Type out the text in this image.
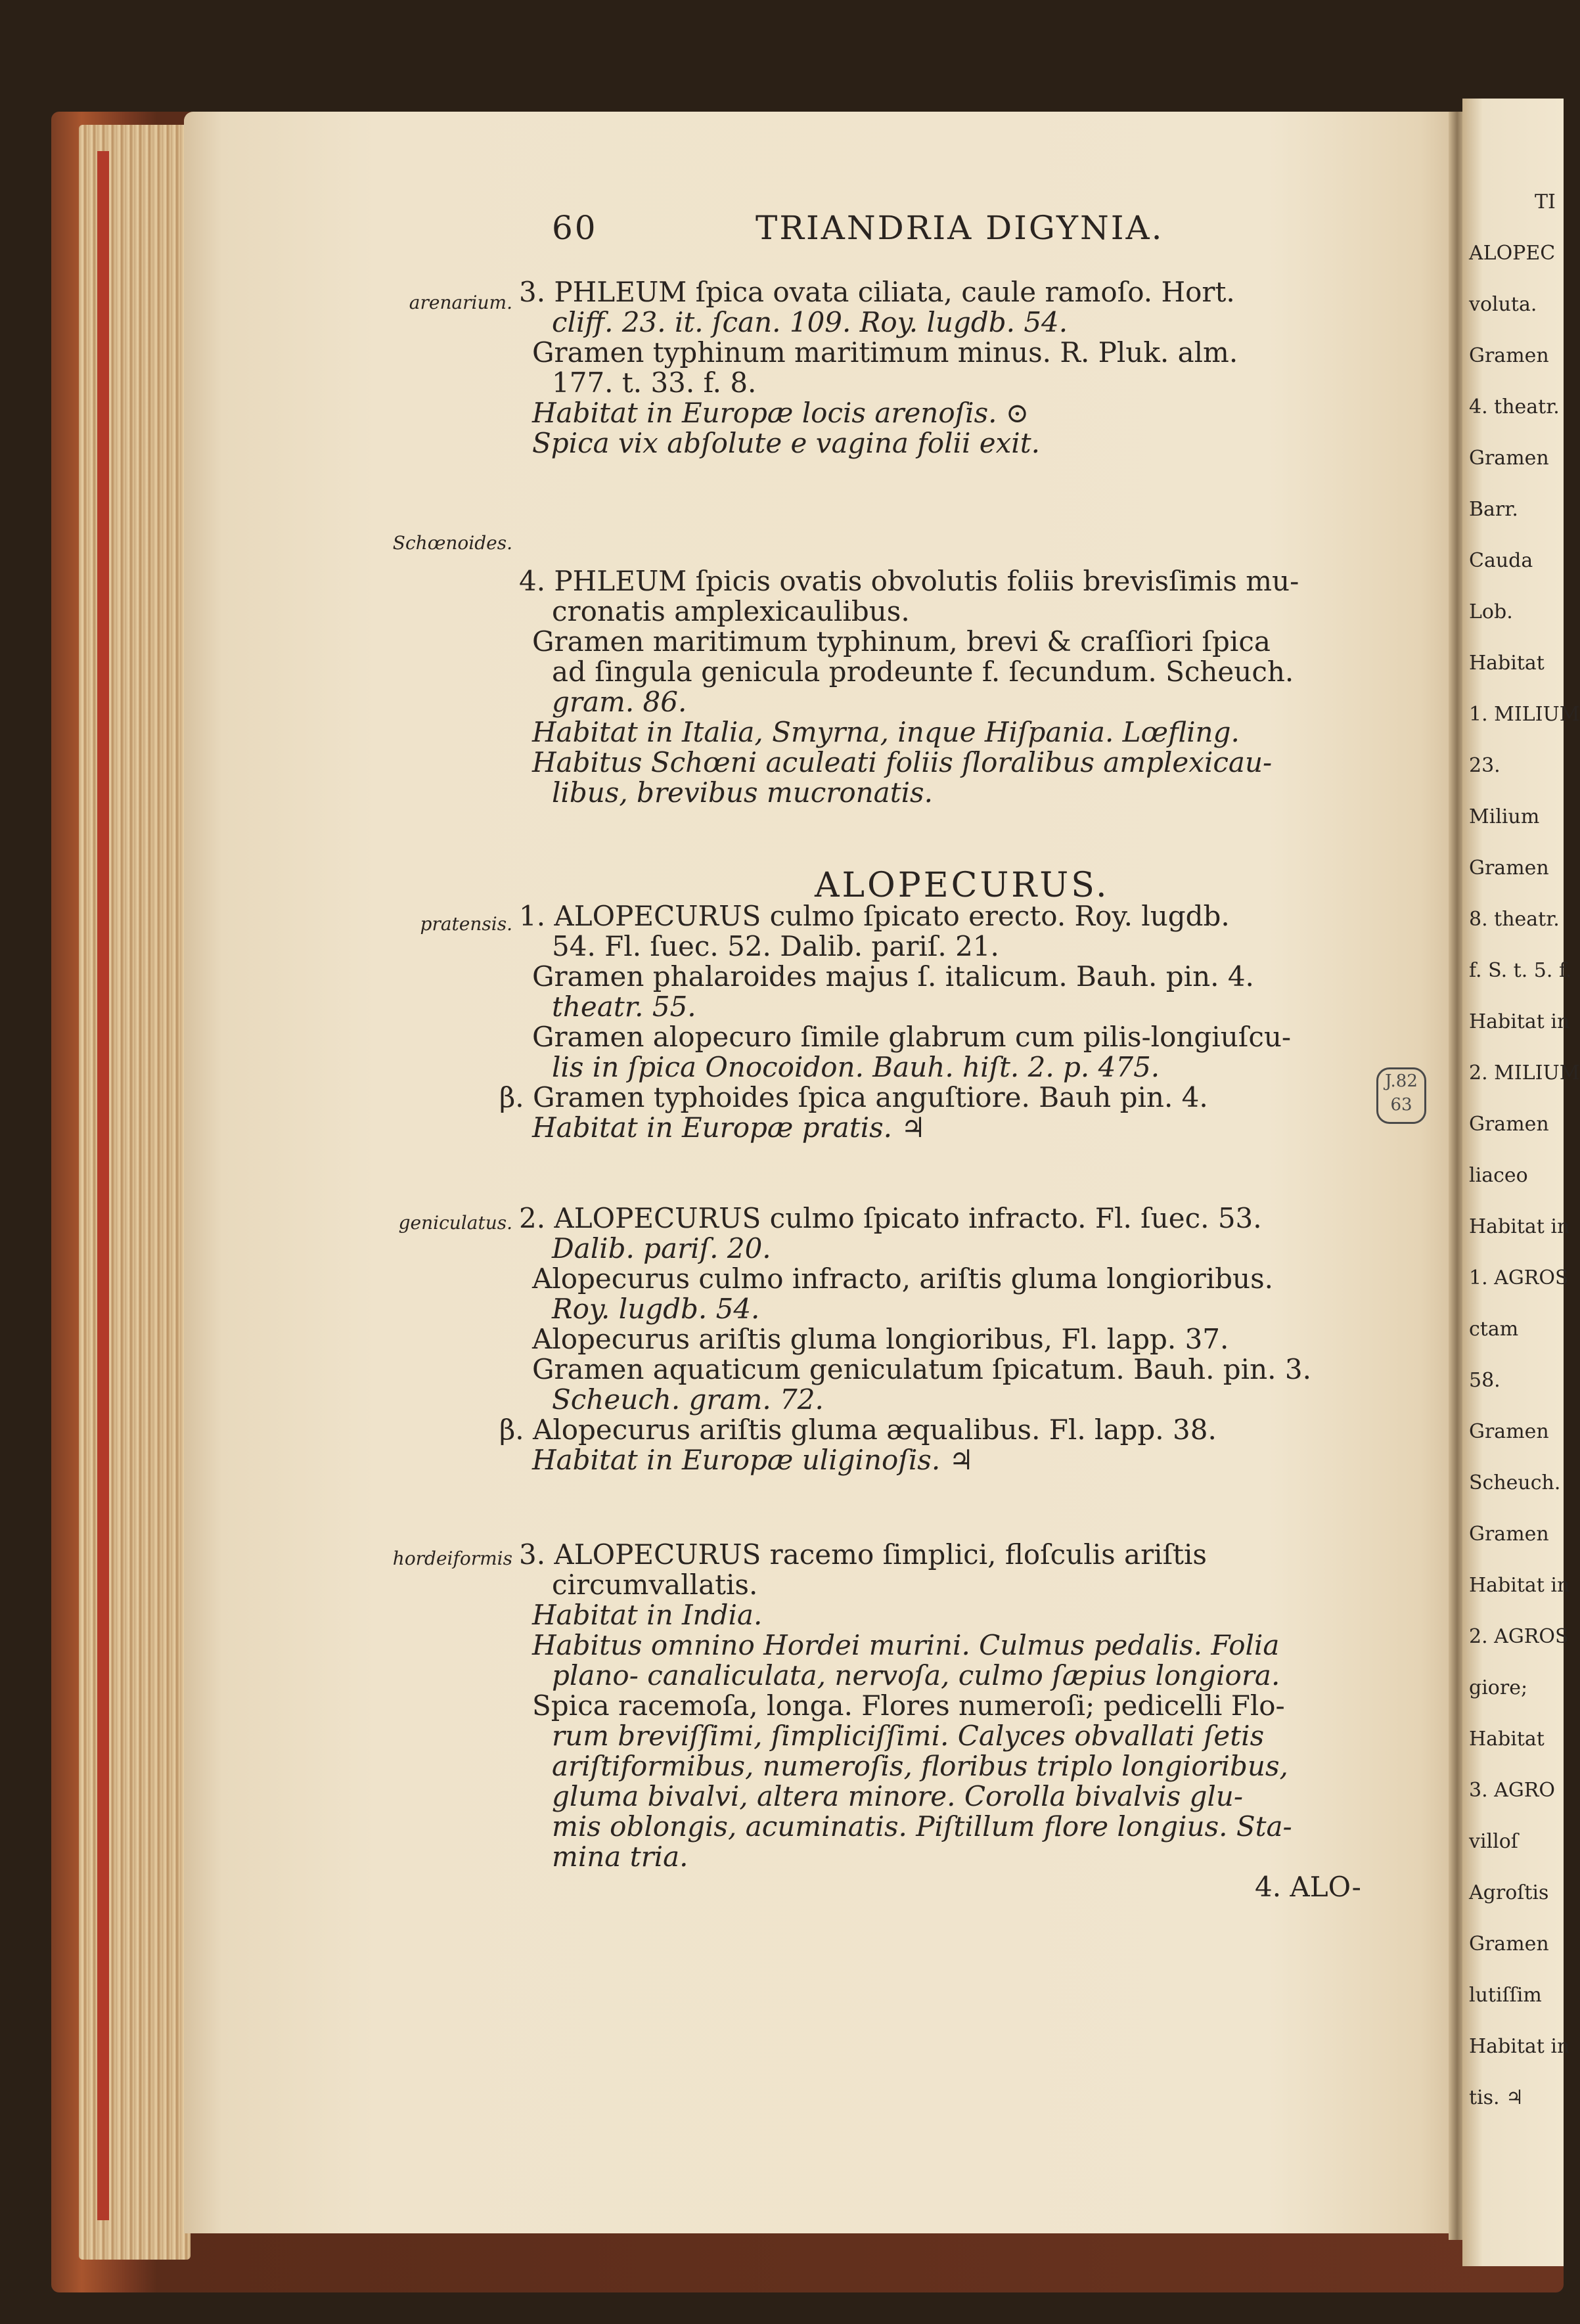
TI
ALOPEC
voluta.
Gramen
4. theatr.
Gramen
Barr.
Cauda
Lob.
Habitat
1. MILIUM
23.
Milium
Gramen
8. theatr.
f. S. t. 5. f.
Habitat in
2. MILIUM
Gramen
liaceo
Habitat in
1. AGROS
ctam
58.
Gramen
Scheuch.
Gramen
Habitat in
2. AGROS
giore;
Habitat
3. AGRO
villoſ
Agroſtis
Gramen
lutiſſim
Habitat in
tis. ♃
60	TRIANDRIA DIGYNIA.
arenarium.
Schœnoides.
pratensis.
geniculatus.
hordeiformis
ALOPECURUS.
J.82 63
3. PHLEUM ſpica ovata ciliata, caule ramoſo. Hort.
cliff. 23. it. ſcan. 109. Roy. lugdb. 54.
Gramen typhinum maritimum minus. R. Pluk. alm.
177. t. 33. f. 8.
Habitat in Europæ locis arenoſis. ⊙
Spica vix abſolute e vagina folii exit.
4. PHLEUM ſpicis ovatis obvolutis foliis brevisſimis mu-
cronatis amplexicaulibus.
Gramen maritimum typhinum, brevi & craſſiori ſpica
ad ſingula genicula prodeunte f. ſecundum. Scheuch.
gram. 86.
Habitat in Italia, Smyrna, inque Hiſpania. Lœfling.
Habitus Schœni aculeati foliis ſloralibus amplexicau-
libus, brevibus mucronatis.
1. ALOPECURUS culmo ſpicato erecto. Roy. lugdb.
54. Fl. ſuec. 52. Dalib. pariſ. 21.
Gramen phalaroides majus ſ. italicum. Bauh. pin. 4.
theatr. 55.
Gramen alopecuro ſimile glabrum cum pilis-longiuſcu-
lis in ſpica Onocoidon. Bauh. hiſt. 2. p. 475.
β. Gramen typhoides ſpica anguſtiore. Bauh pin. 4.
Habitat in Europæ pratis. ♃
2. ALOPECURUS culmo ſpicato infracto. Fl. ſuec. 53.
Dalib. pariſ. 20.
Alopecurus culmo infracto, ariſtis gluma longioribus.
Roy. lugdb. 54.
Alopecurus ariſtis gluma longioribus, Fl. lapp. 37.
Gramen aquaticum geniculatum ſpicatum. Bauh. pin. 3.
Scheuch. gram. 72.
β. Alopecurus ariſtis gluma æqualibus. Fl. lapp. 38.
Habitat in Europæ uliginoſis. ♃
3. ALOPECURUS racemo ſimplici, floſculis ariſtis
circumvallatis.
Habitat in India.
Habitus omnino Hordei murini. Culmus pedalis. Folia
plano- canaliculata, nervoſa, culmo ſæpius longiora.
Spica racemoſa, longa. Flores numeroſi; pedicelli Flo-
rum breviſſimi, ſimpliciſſimi. Calyces obvallati ſetis
ariſtiformibus, numeroſis, floribus triplo longioribus,
gluma bivalvi, altera minore. Corolla bivalvis glu-
mis oblongis, acuminatis. Piſtillum flore longius. Sta-
mina tria.
4. ALO-
